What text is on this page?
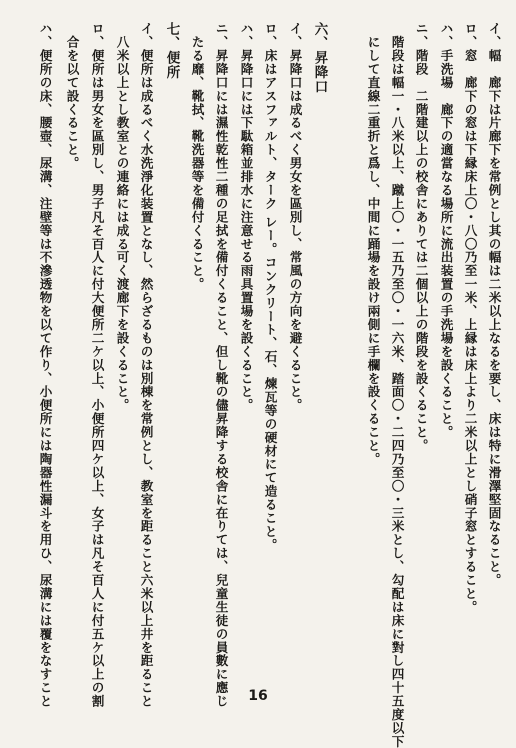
イ、幅　廊下は片廊下を常例とし其の幅は二米以上なるを要し、床は特に滑澤堅固なること。
ロ、窓　廊下の窓は下縁床上〇・八〇乃至一米、上縁は床上より二米以上とし硝子窓とすること。
ハ、手洗場　廊下の適當なる場所に流出装置の手洗場を設くること。
ニ、階段　二階建以上の校舎にありては二個以上の階段を設くること。
　階段は幅一・八米以上、蹴上〇・一五乃至〇・一六米、踏面〇・二四乃至〇・三米とし、勾配は床に對し四十五度以下
　にして直線二重折と爲し、中間に踊場を設け兩側に手欄を設くること。
六、昇降口
イ、昇降口は成るべく男女を區別し、常風の方向を避くること。
ロ、床はアスファルト、ターク レー。コンクリート、石、煉瓦等の硬材にて造ること。
ハ、昇降口には下駄箱並排水に注意せる雨具置場を設くること。
ニ、昇降口には濕性乾性二種の足拭を備付くること、但し靴の儘昇降する校舎に在りては、兒童生徒の員數に應じ
　たる靡、靴拭、靴洗器等を備付くること。
七、便所
イ、便所は成るべく水洗淨化装置となし、然らざるものは別棟を常例とし、教室を距ること六米以上井を距ること
　八米以上とし教室との連絡には成る可く渡廊下を設くること。
ロ、便所は男女を區別し、男子凡そ百人に付大便所二ケ以上、小便所四ケ以上、女子は凡そ百人に付五ケ以上の割
　合を以て設くること。
ハ、便所の床、腰壺、尿溝、注壁等は不滲透物を以て作り、小便所には陶器性漏斗を用ひ、尿溝には覆をなすこと	16
